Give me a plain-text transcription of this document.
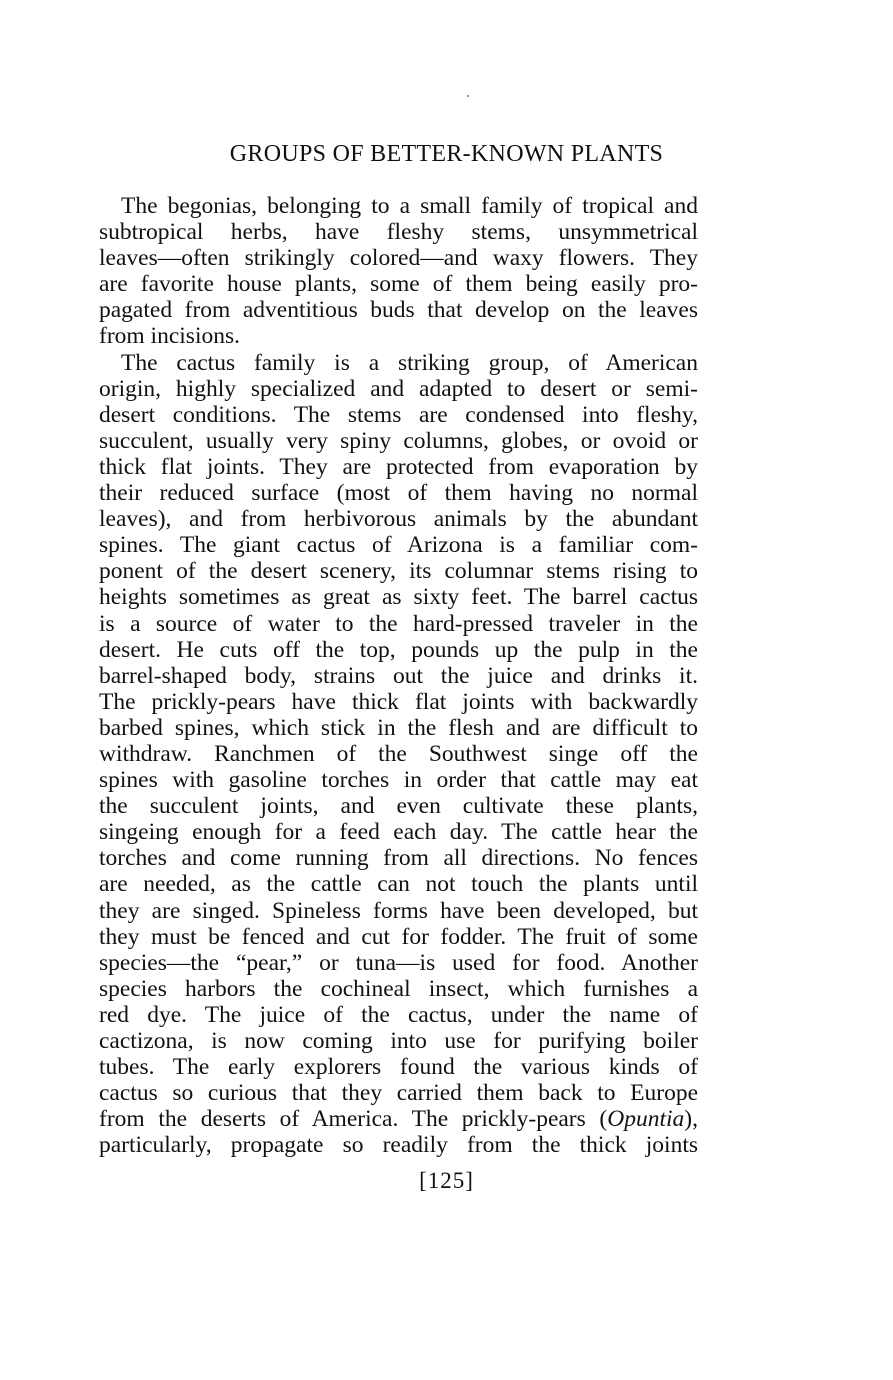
GROUPS OF BETTER-KNOWN PLANTS
The begonias, belonging to a small family of tropical and
subtropical herbs, have fleshy stems, unsymmetrical
leaves—often strikingly colored—and waxy flowers. They
are favorite house plants, some of them being easily pro-
pagated from adventitious buds that develop on the leaves
from incisions.
The cactus family is a striking group, of American
origin, highly specialized and adapted to desert or semi-
desert conditions. The stems are condensed into fleshy,
succulent, usually very spiny columns, globes, or ovoid or
thick flat joints. They are protected from evaporation by
their reduced surface (most of them having no normal
leaves), and from herbivorous animals by the abundant
spines. The giant cactus of Arizona is a familiar com-
ponent of the desert scenery, its columnar stems rising to
heights sometimes as great as sixty feet. The barrel cactus
is a source of water to the hard-pressed traveler in the
desert. He cuts off the top, pounds up the pulp in the
barrel-shaped body, strains out the juice and drinks it.
The prickly-pears have thick flat joints with backwardly
barbed spines, which stick in the flesh and are difficult to
withdraw. Ranchmen of the Southwest singe off the
spines with gasoline torches in order that cattle may eat
the succulent joints, and even cultivate these plants,
singeing enough for a feed each day. The cattle hear the
torches and come running from all directions. No fences
are needed, as the cattle can not touch the plants until
they are singed. Spineless forms have been developed, but
they must be fenced and cut for fodder. The fruit of some
species—the “pear,” or tuna—is used for food. Another
species harbors the cochineal insect, which furnishes a
red dye. The juice of the cactus, under the name of
cactizona, is now coming into use for purifying boiler
tubes. The early explorers found the various kinds of
cactus so curious that they carried them back to Europe
from the deserts of America. The prickly-pears (Opuntia),
particularly, propagate so readily from the thick joints
[125]
